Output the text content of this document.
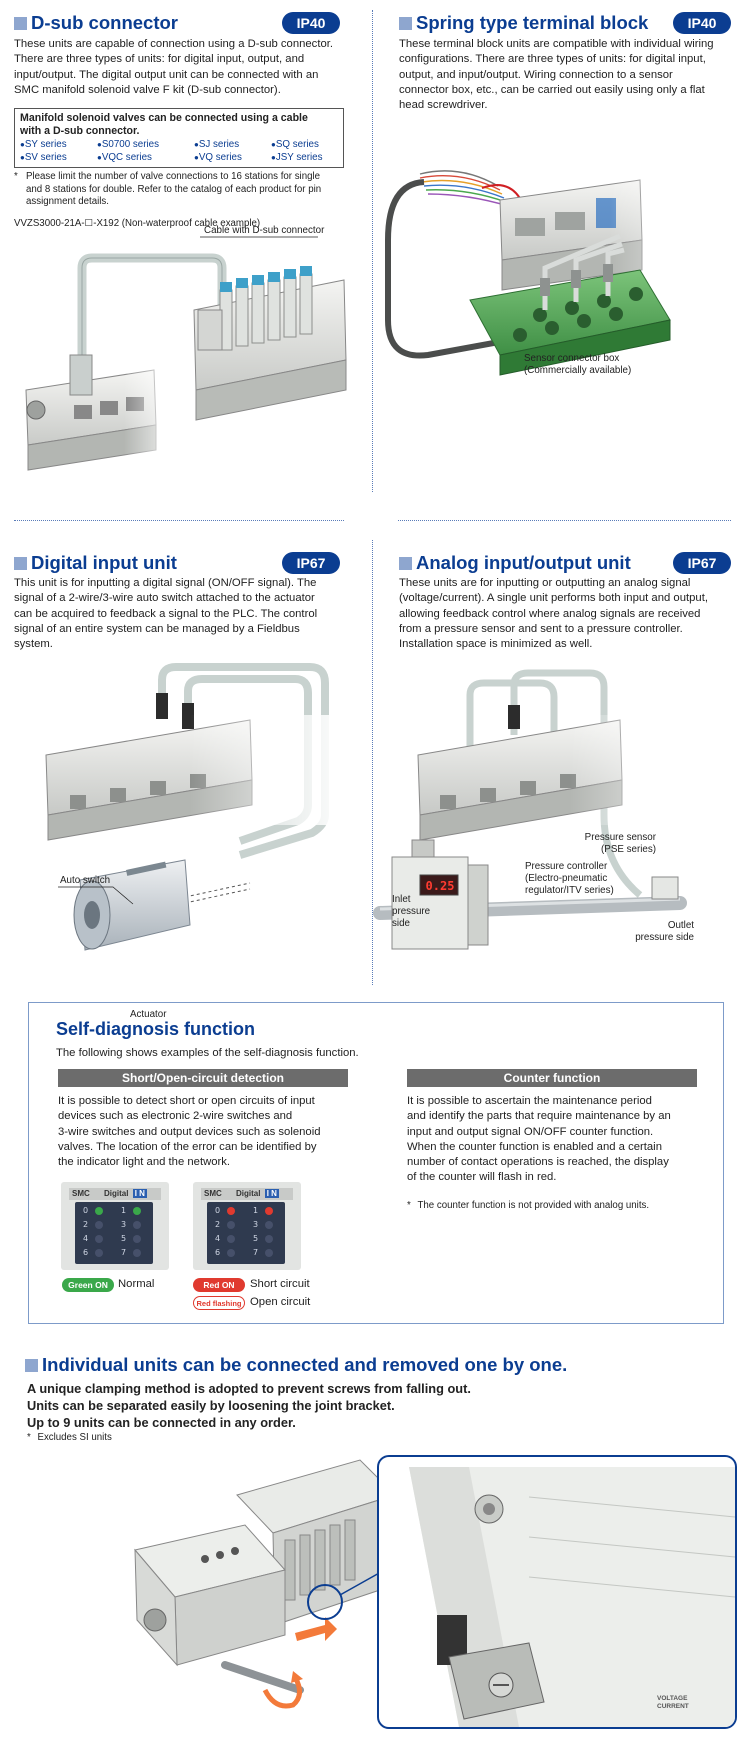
D-sub connector	IP40
These units are capable of connection using a D-sub connector.
There are three types of units: for digital input, output, and
input/output. The digital output unit can be connected with an
SMC manifold solenoid valve F kit (D-sub connector).
Manifold solenoid valves can be connected using a cable
with a D-sub connector.
● SY series	● S0700 series	● SJ series	● SQ series
● SV series	● VQC series	● VQ series	● JSY series
* Please limit the number of valve connections to 16 stations for single
and 8 stations for double. Refer to the catalog of each product for pin
assignment details.
VVZS3000-21A-☐-X192 (Non-waterproof cable example)
Cable with D-sub connector
Spring type terminal block	IP40
These terminal block units are compatible with individual wiring
configurations. There are three types of units: for digital input,
output, and input/output. Wiring connection to a sensor
connector box, etc., can be carried out easily using only a flat
head screwdriver.
Sensor connector box
(Commercially available)
Digital input unit	IP67
This unit is for inputting a digital signal (ON/OFF signal). The
signal of a 2-wire/3-wire auto switch attached to the actuator
can be acquired to feedback a signal to the PLC. The control
signal of an entire system can be managed by a Fieldbus
system.
Auto switch
Actuator
Analog input/output unit	IP67
These units are for inputting or outputting an analog signal
(voltage/current). A single unit performs both input and output,
allowing feedback control where analog signals are received
from a pressure sensor and sent to a pressure controller.
Installation space is minimized as well.
0.25
Pressure sensor
(PSE series)
Pressure controller
(Electro-pneumatic
regulator/ITV series)
Inlet
pressure
side	Outlet
pressure side
Self-diagnosis function
The following shows examples of the self-diagnosis function.
Short/Open-circuit detection	Counter function
It is possible to detect short or open circuits of input
devices such as electronic 2-wire switches and
3-wire switches and output devices such as solenoid
valves. The location of the error can be identified by
the indicator light and the network.
It is possible to ascertain the maintenance period
and identify the parts that require maintenance by an
input and output signal ON/OFF counter function.
When the counter function is enabled and a certain
number of contact operations is reached, the display
of the counter will flash in red.
* The counter function is not provided with analog units.
SMC Digital I N	SMC Digital I N
0	1
2	3
4	5
6	7
0	1
2	3
4	5
6	7
Green ON Normal	Red ON	Short circuit
Red flashing Open circuit
Individual units can be connected and removed one by one.
A unique clamping method is adopted to prevent screws from falling out.
Units can be separated easily by loosening the joint bracket.
Up to 9 units can be connected in any order.
* Excludes SI units
VOLTAGE
CURRENT
